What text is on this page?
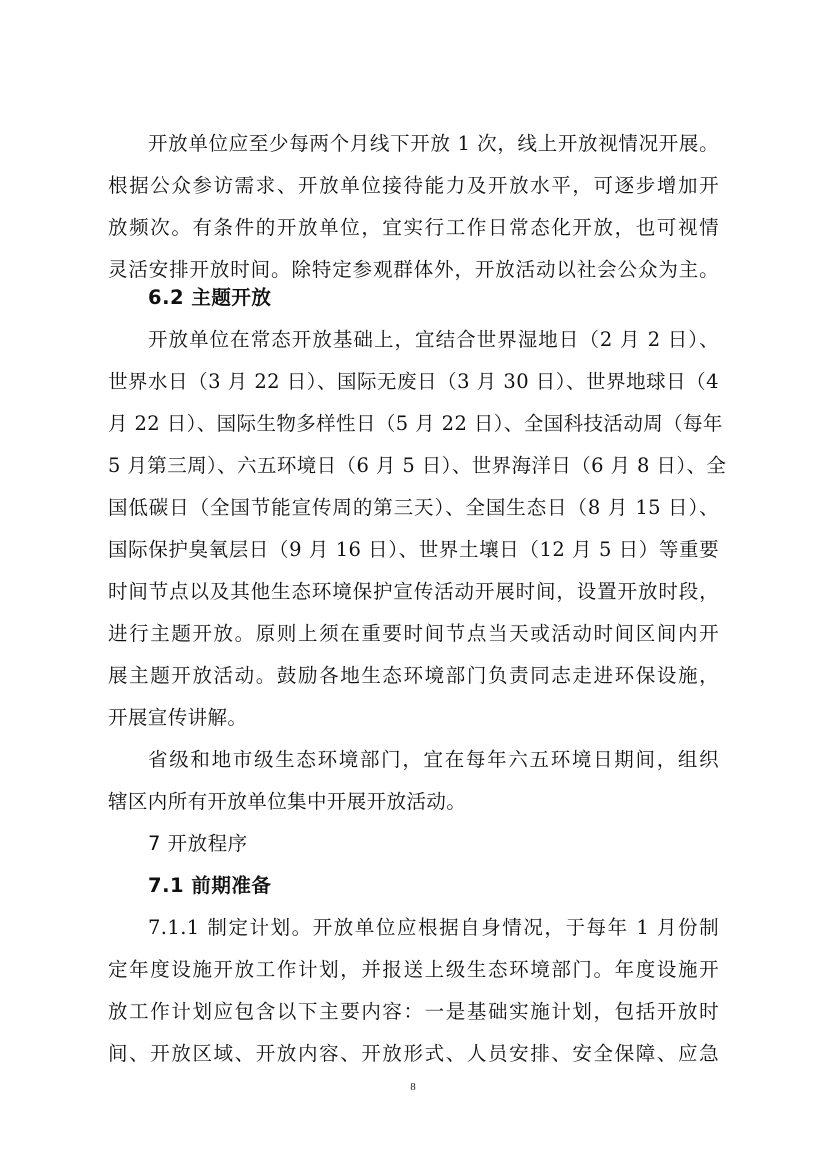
开放单位应至少每两个月线下开放 1 次，线上开放视情况开展。
根据公众参访需求、开放单位接待能力及开放水平，可逐步增加开
放频次。有条件的开放单位，宜实行工作日常态化开放，也可视情
灵活安排开放时间。除特定参观群体外，开放活动以社会公众为主。
6.2 主题开放
开放单位在常态开放基础上，宜结合世界湿地日（2 月 2 日）、
世界水日（3 月 22 日）、国际无废日（3 月 30 日）、世界地球日（4
月 22 日）、国际生物多样性日（5 月 22 日）、全国科技活动周（每年
5 月第三周）、六五环境日（6 月 5 日）、世界海洋日（6 月 8 日）、全
国低碳日（全国节能宣传周的第三天）、全国生态日（8 月 15 日）、
国际保护臭氧层日（9 月 16 日）、世界土壤日（12 月 5 日）等重要
时间节点以及其他生态环境保护宣传活动开展时间，设置开放时段，
进行主题开放。原则上须在重要时间节点当天或活动时间区间内开
展主题开放活动。鼓励各地生态环境部门负责同志走进环保设施，
开展宣传讲解。
省级和地市级生态环境部门，宜在每年六五环境日期间，组织
辖区内所有开放单位集中开展开放活动。
7 开放程序
7.1 前期准备
7.1.1 制定计划。开放单位应根据自身情况，于每年 1 月份制
定年度设施开放工作计划，并报送上级生态环境部门。年度设施开
放工作计划应包含以下主要内容：一是基础实施计划，包括开放时
间、开放区域、开放内容、开放形式、人员安排、安全保障、应急
8
